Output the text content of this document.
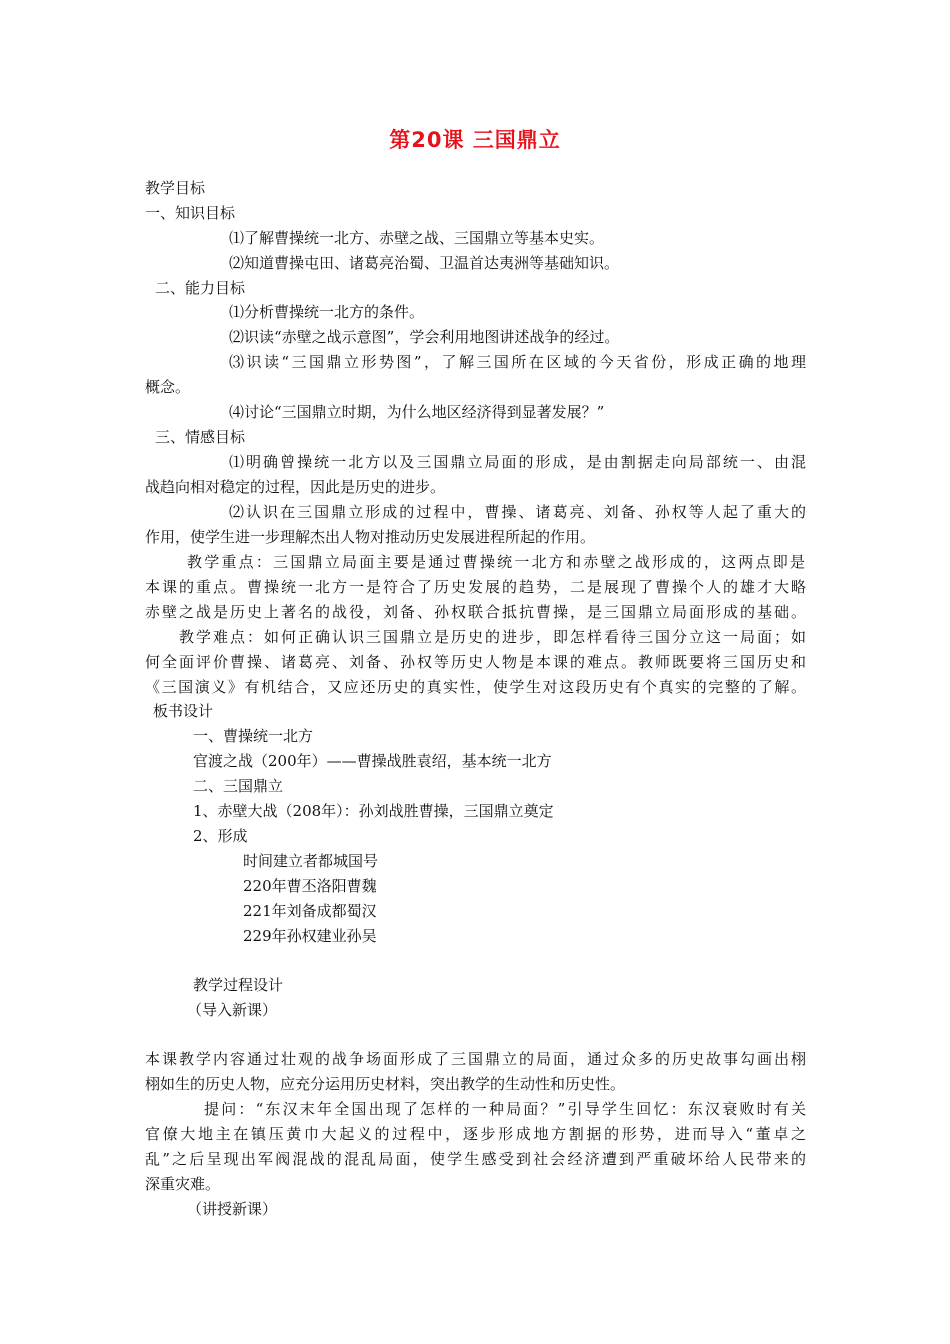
第20课 三国鼎立
教学目标
一、知识目标
⑴了解曹操统一北方、赤壁之战、三国鼎立等基本史实。
⑵知道曹操屯田、诸葛亮治蜀、卫温首达夷洲等基础知识。
二、能力目标
⑴分析曹操统一北方的条件。
⑵识读“赤壁之战示意图”，学会利用地图讲述战争的经过。
⑶识读“三国鼎立形势图”，了解三国所在区域的今天省份，形成正确的地理
概念。
⑷讨论“三国鼎立时期，为什么地区经济得到显著发展？”
三、情感目标
⑴明确曾操统一北方以及三国鼎立局面的形成，是由割据走向局部统一、由混
战趋向相对稳定的过程，因此是历史的进步。
⑵认识在三国鼎立形成的过程中，曹操、诸葛亮、刘备、孙权等人起了重大的
作用，使学生进一步理解杰出人物对推动历史发展进程所起的作用。
教学重点：三国鼎立局面主要是通过曹操统一北方和赤壁之战形成的，这两点即是
本课的重点。曹操统一北方一是符合了历史发展的趋势，二是展现了曹操个人的雄才大略
赤壁之战是历史上著名的战役，刘备、孙权联合抵抗曹操，是三国鼎立局面形成的基础。
教学难点：如何正确认识三国鼎立是历史的进步，即怎样看待三国分立这一局面；如
何全面评价曹操、诸葛亮、刘备、孙权等历史人物是本课的难点。教师既要将三国历史和
《三国演义》有机结合，又应还历史的真实性，使学生对这段历史有个真实的完整的了解。
板书设计
一、曹操统一北方
官渡之战（200年）——曹操战胜袁绍，基本统一北方
二、三国鼎立
1、赤壁大战（208年）：孙刘战胜曹操，三国鼎立奠定
2、形成
时间建立者都城国号
220年曹丕洛阳曹魏
221年刘备成都蜀汉
229年孙权建业孙吴
教学过程设计
（导入新课）
本课教学内容通过壮观的战争场面形成了三国鼎立的局面，通过众多的历史故事勾画出栩
栩如生的历史人物，应充分运用历史材料，突出教学的生动性和历史性。
提问：“东汉末年全国出现了怎样的一种局面？”引导学生回忆：东汉衰败时有关
官僚大地主在镇压黄巾大起义的过程中，逐步形成地方割据的形势，进而导入“董卓之
乱”之后呈现出军阀混战的混乱局面，使学生感受到社会经济遭到严重破坏给人民带来的
深重灾难。
（讲授新课）
